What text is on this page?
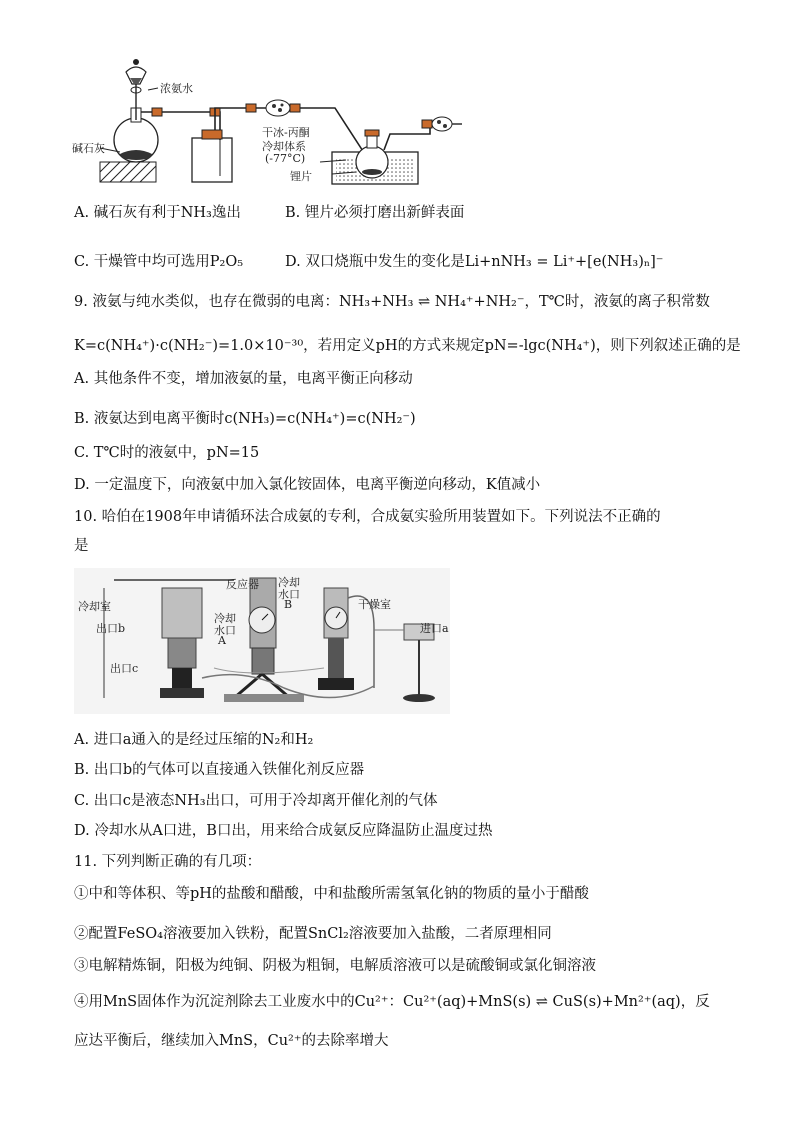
浓氨水
碱石灰
干冰-丙酮
冷却体系
(-77°C)
锂片
A. 碱石灰有利于NH₃逸出	B. 锂片必须打磨出新鲜表面
C. 干燥管中均可选用P₂O₅	D. 双口烧瓶中发生的变化是Li+nNH₃ = Li⁺+[e(NH₃)ₙ]⁻
9. 液氨与纯水类似，也存在微弱的电离：NH₃+NH₃ ⇌ NH₄⁺+NH₂⁻，T℃时，液氨的离子积常数
K=c(NH₄⁺)·c(NH₂⁻)=1.0×10⁻³⁰，若用定义pH的方式来规定pN=-lgc(NH₄⁺)，则下列叙述正确的是
A. 其他条件不变，增加液氨的量，电离平衡正向移动
B. 液氨达到电离平衡时c(NH₃)=c(NH₄⁺)=c(NH₂⁻)
C. T℃时的液氨中，pN=15
D. 一定温度下，向液氨中加入氯化铵固体，电离平衡逆向移动，K值减小
10. 哈伯在1908年申请循环法合成氨的专利，合成氨实验所用装置如下。下列说法不正确的
是
冷却室
反应器 冷却
水口
B
冷却
水口
A
出口b
出口c
干燥室
进口a
A. 进口a通入的是经过压缩的N₂和H₂
B. 出口b的气体可以直接通入铁催化剂反应器
C. 出口c是液态NH₃出口，可用于冷却离开催化剂的气体
D. 冷却水从A口进，B口出，用来给合成氨反应降温防止温度过热
11. 下列判断正确的有几项：
①中和等体积、等pH的盐酸和醋酸，中和盐酸所需氢氧化钠的物质的量小于醋酸
②配置FeSO₄溶液要加入铁粉，配置SnCl₂溶液要加入盐酸，二者原理相同
③电解精炼铜，阳极为纯铜、阴极为粗铜，电解质溶液可以是硫酸铜或氯化铜溶液
④用MnS固体作为沉淀剂除去工业废水中的Cu²⁺：Cu²⁺(aq)+MnS(s) ⇌ CuS(s)+Mn²⁺(aq)，反
应达平衡后，继续加入MnS，Cu²⁺的去除率增大
